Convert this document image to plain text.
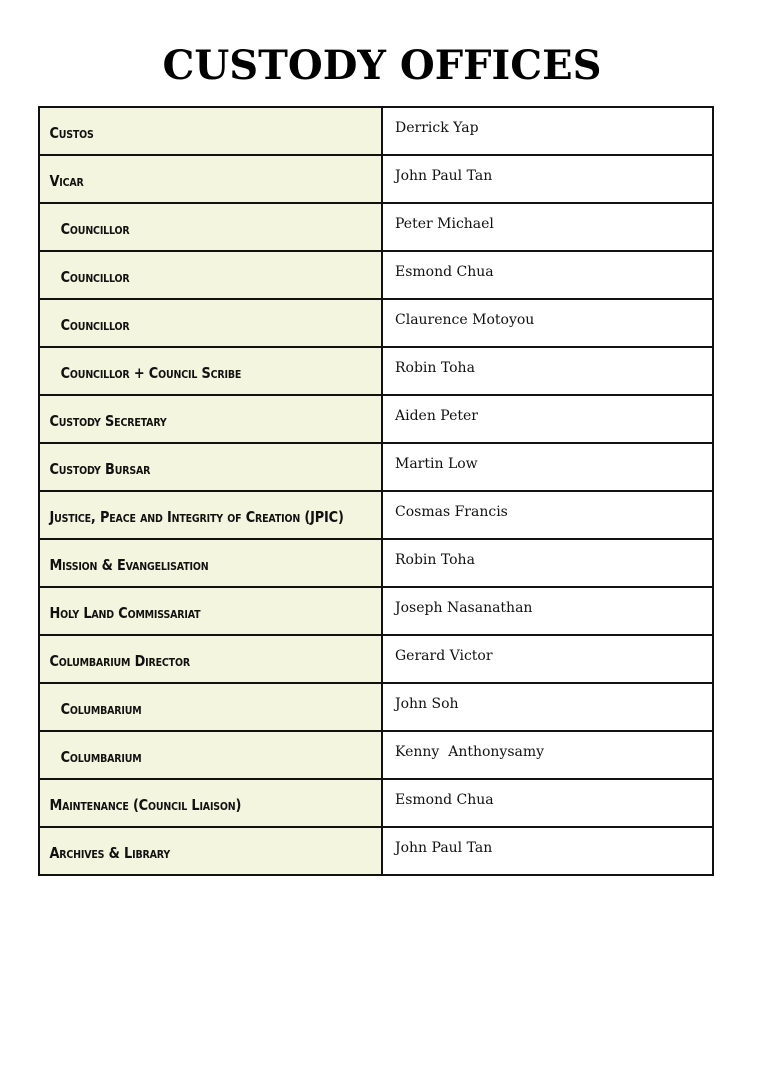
CUSTODY OFFICES
Custos	Derrick Yap

Vicar	John Paul Tan

Councillor	Peter Michael

Councillor	Esmond Chua

Councillor	Claurence Motoyou

Councillor + Council Scribe	Robin Toha

Custody Secretary	Aiden Peter

Custody Bursar	Martin Low

Justice, Peace and Integrity of Creation (JPIC)	Cosmas Francis

Mission & Evangelisation	Robin Toha

Holy Land Commissariat	Joseph Nasanathan

Columbarium Director	Gerard Victor

Columbarium	John Soh

Columbarium	Kenny  Anthonysamy

Maintenance (Council Liaison)	Esmond Chua

Archives & Library	John Paul Tan
